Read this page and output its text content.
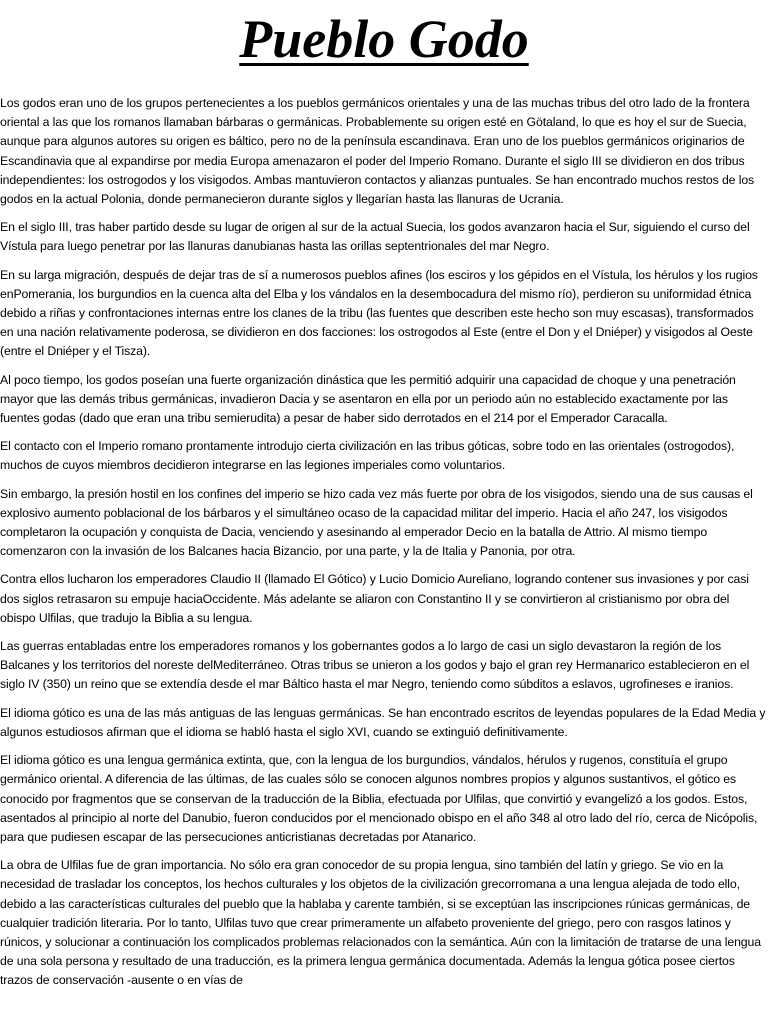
Pueblo Godo

Los godos eran uno de los grupos pertenecientes a los pueblos germánicos orientales y una de las muchas tribus del otro lado de la frontera oriental a las que los romanos llamaban bárbaras o germánicas. Probablemente su origen esté en Götaland, lo que es hoy el sur de Suecia, aunque para algunos autores su origen es báltico, pero no de la península escandinava. Eran uno de los pueblos germánicos originarios de Escandinavia que al expandirse por media Europa amenazaron el poder del Imperio Romano. Durante el siglo III se dividieron en dos tribus independientes: los ostrogodos y los visigodos. Ambas mantuvieron contactos y alianzas puntuales. Se han encontrado muchos restos de los godos en la actual Polonia, donde permanecieron durante siglos y llegarían hasta las llanuras de Ucrania.

En el siglo III, tras haber partido desde su lugar de origen al sur de la actual Suecia, los godos avanzaron hacia el Sur, siguiendo el curso del Vístula para luego penetrar por las llanuras danubianas hasta las orillas septentrionales del mar Negro.

En su larga migración, después de dejar tras de sí a numerosos pueblos afines (los esciros y los gépidos en el Vístula, los hérulos y los rugios enPomerania, los burgundios en la cuenca alta del Elba y los vándalos en la desembocadura del mismo río), perdieron su uniformidad étnica debido a riñas y confrontaciones internas entre los clanes de la tribu (las fuentes que describen este hecho son muy escasas), transformados en una nación relativamente poderosa, se dividieron en dos facciones: los ostrogodos al Este (entre el Don y el Dniéper) y visigodos al Oeste (entre el Dniéper y el Tisza).

Al poco tiempo, los godos poseían una fuerte organización dinástica que les permitió adquirir una capacidad de choque y una penetración mayor que las demás tribus germánicas, invadieron Dacia y se asentaron en ella por un periodo aún no establecido exactamente por las fuentes godas (dado que eran una tribu semierudita) a pesar de haber sido derrotados en el 214 por el Emperador Caracalla.

El contacto con el Imperio romano prontamente introdujo cierta civilización en las tribus góticas, sobre todo en las orientales (ostrogodos), muchos de cuyos miembros decidieron integrarse en las legiones imperiales como voluntarios.

Sin embargo, la presión hostil en los confines del imperio se hizo cada vez más fuerte por obra de los visigodos, siendo una de sus causas el explosivo aumento poblacional de los bárbaros y el simultáneo ocaso de la capacidad militar del imperio. Hacia el año 247, los visigodos completaron la ocupación y conquista de Dacia, venciendo y asesinando al emperador Decio en la batalla de Attrio. Al mismo tiempo comenzaron con la invasión de los Balcanes hacia Bizancio, por una parte, y la de Italia y Panonia, por otra.

Contra ellos lucharon los emperadores Claudio II (llamado El Gótico) y Lucio Domicio Aureliano, logrando contener sus invasiones y por casi dos siglos retrasaron su empuje haciaOccidente. Más adelante se aliaron con Constantino II y se convirtieron al cristianismo por obra del obispo Ulfilas, que tradujo la Biblia a su lengua.

Las guerras entabladas entre los emperadores romanos y los gobernantes godos a lo largo de casi un siglo devastaron la región de los Balcanes y los territorios del noreste delMediterráneo. Otras tribus se unieron a los godos y bajo el gran rey Hermanarico establecieron en el siglo IV (350) un reino que se extendía desde el mar Báltico hasta el mar Negro, teniendo como súbditos a eslavos, ugrofineses e iranios.

El idioma gótico es una de las más antiguas de las lenguas germánicas. Se han encontrado escritos de leyendas populares de la Edad Media y algunos estudiosos afirman que el idioma se habló hasta el siglo XVI, cuando se extinguió definitivamente.

El idioma gótico es una lengua germánica extinta, que, con la lengua de los burgundios, vándalos, hérulos y rugenos, constituía el grupo germánico oriental. A diferencia de las últimas, de las cuales sólo se conocen algunos nombres propios y algunos sustantivos, el gótico es conocido por fragmentos que se conservan de la traducción de la Biblia, efectuada por Ulfilas, que convirtió y evangelizó a los godos. Estos, asentados al principio al norte del Danubio, fueron conducidos por el mencionado obispo en el año 348 al otro lado del río, cerca de Nicópolis, para que pudiesen escapar de las persecuciones anticristianas decretadas por Atanarico.

La obra de Ulfilas fue de gran importancia. No sólo era gran conocedor de su propia lengua, sino también del latín y griego. Se vio en la necesidad de trasladar los conceptos, los hechos culturales y los objetos de la civilización grecorromana a una lengua alejada de todo ello, debido a las características culturales del pueblo que la hablaba y carente también, si se exceptúan las inscripciones rúnicas germánicas, de cualquier tradición literaria. Por lo tanto, Ulfilas tuvo que crear primeramente un alfabeto proveniente del griego, pero con rasgos latinos y rúnicos, y solucionar a continuación los complicados problemas relacionados con la semántica. Aún con la limitación de tratarse de una lengua de una sola persona y resultado de una traducción, es la primera lengua germánica documentada. Además la lengua gótica posee ciertos trazos de conservación -ausente o en vías de
